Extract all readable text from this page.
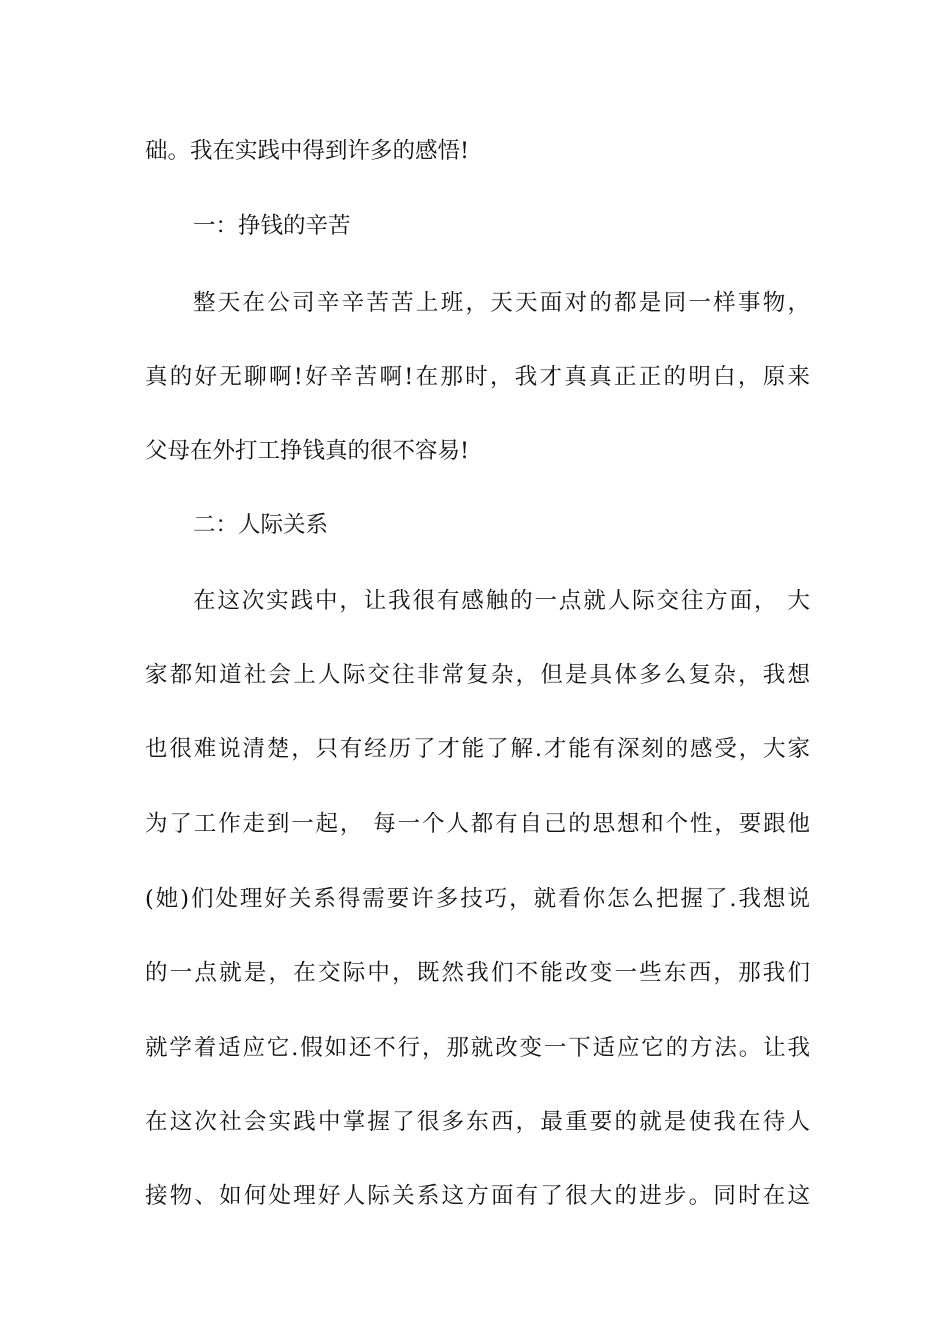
础。我在实践中得到许多的感悟!
一：挣钱的辛苦
整天在公司辛辛苦苦上班，天天面对的都是同一样事物，
真的好无聊啊!好辛苦啊!在那时，我才真真正正的明白，原来
父母在外打工挣钱真的很不容易!
二：人际关系
在这次实践中，让我很有感触的一点就人际交往方面， 大
家都知道社会上人际交往非常复杂，但是具体多么复杂，我想
也很难说清楚，只有经历了才能了解.才能有深刻的感受，大家
为了工作走到一起， 每一个人都有自己的思想和个性，要跟他
(她)们处理好关系得需要许多技巧，就看你怎么把握了.我想说
的一点就是，在交际中，既然我们不能改变一些东西，那我们
就学着适应它.假如还不行，那就改变一下适应它的方法。让我
在这次社会实践中掌握了很多东西，最重要的就是使我在待人
接物、如何处理好人际关系这方面有了很大的进步。同时在这
